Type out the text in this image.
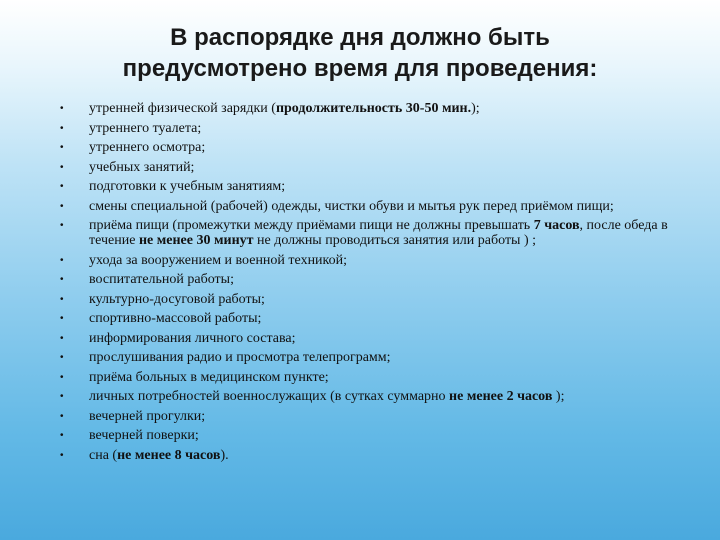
В распорядке дня должно быть
предусмотрено время для проведения:
• утренней физической зарядки (продолжительность 30-50 мин.);
• утреннего туалета;
• утреннего осмотра;
• учебных занятий;
• подготовки к учебным занятиям;
• смены специальной (рабочей) одежды, чистки обуви и мытья рук перед приёмом пищи;
• приёма пищи (промежутки между приёмами пищи не должны превышать 7 часов, после обеда в течение не менее 30 минут не должны проводиться занятия или работы ) ;
• ухода за вооружением и военной техникой;
• воспитательной работы;
• культурно-досуговой работы;
• спортивно-массовой работы;
• информирования личного состава;
• прослушивания радио и просмотра телепрограмм;
• приёма больных в медицинском пункте;
• личных потребностей военнослужащих (в сутках суммарно не менее 2 часов );
• вечерней прогулки;
• вечерней поверки;
• сна (не менее 8 часов).
